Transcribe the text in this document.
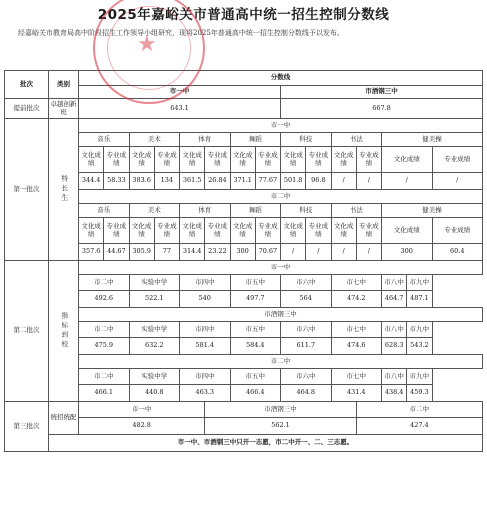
2025年嘉峪关市普通高中统一招生控制分数线
经嘉峪关市教育局高中阶段招生工作领导小组研究，现将2025年普通高中统一招生控制分数线予以发布。
批次	类别	分数线														
		市一中								市酒钢三中						
提前批次	卓越创新班	643.1								667.8						
第一批次	特长生	市一中														
		音乐		美术		体育		舞蹈		科技		书法		健美操		
		文化成绩	专业成绩	文化成绩	专业成绩	文化成绩	专业成绩	文化成绩	专业成绩	文化成绩	专业成绩	文化成绩	专业成绩	文化成绩		专业成绩
		344.4	58.33	383.6	134	361.5	26.84	371.1	77.67	501.8	96.8	/	/	/		/
		市二中														
		音乐		美术		体育		舞蹈		科技		书法		健美操		
		文化成绩	专业成绩	文化成绩	专业成绩	文化成绩	专业成绩	文化成绩	专业成绩	文化成绩	专业成绩	文化成绩	专业成绩	文化成绩		专业成绩
		357.6	44.67	305.9	77	314.4	23.22	300	70.67	/	/	/	/	300		60.4
第二批次	指标到校	市一中														
		市二中		实验中学		市四中		市五中		市六中		市七中		市八中	市九中	
		492.6		522.1		540		497.7		564		474.2		464.7	487.1	
		市酒钢三中														
		市二中		实验中学		市四中		市五中		市六中		市七中		市八中	市九中	
		475.9		632.2		581.4		584.4		611.7		474.6		628.3	543.2	
		市二中														
		市二中		实验中学		市四中		市五中		市六中		市七中		市八中	市九中	
		466.1		440.8		463.3		466.4		464.8		431.4		438.4	459.3	
第三批次	统招统配	市一中					市酒钢三中						市二中			
		482.8					562.1						427.4			
	市一中、市酒钢三中只开一志愿，市二中开一、二、三志愿。															
★
